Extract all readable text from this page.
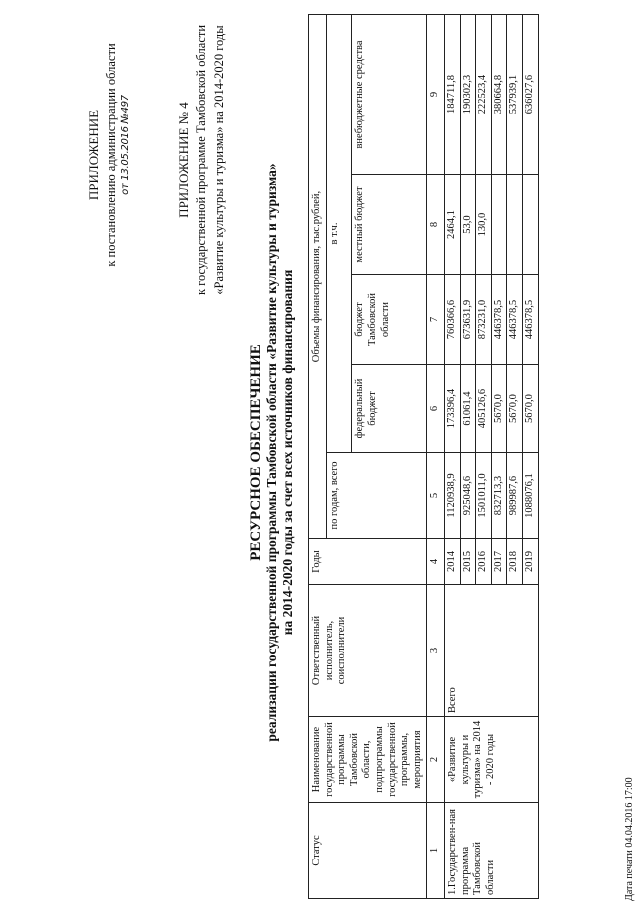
ПРИЛОЖЕНИЕ к постановлению администрации области от 13.05.2016 №497	ПРИЛОЖЕНИЕ № 4 к государственной программе Тамбовской области «Развитие культуры и туризма» на 2014-2020 годы
РЕСУРСНОЕ ОБЕСПЕЧЕНИЕ реализации государственной программы Тамбовской области «Развитие культуры и туризма» на 2014-2020 годы за счет всех источников финансирования
Статус	Наименование государственной программы Тамбовской области, подпрограммы государственной программы, мероприятия	Ответственный исполнитель, соисполнители	Годы	Объемы финансирования, тыс.рублей,				

				по годам, всего	в т.ч.			
					федеральный бюджет	бюджет Тамбовской области	местный бюджет	внебюджетные средства
1	2	3	4	5	6	7	8	9
1.Государствен-ная программа Тамбовской области	«Развитие культуры и туризма» на 2014 - 2020 годы	Всего	2014	1120938,9	173396,4	760366,6	2464,1	184711,8
			2015	925048,6	61061,4	673631,9	53,0	190302,3
			2016	1501011,0	405126,6	873231,0	130,0	222523,4
			2017	832713,3	5670,0	446378,5		380664,8
			2018	989987,6	5670,0	446378,5		537939,1
			2019	1088076,1	5670,0	446378,5		636027,6
Дата печати 04.04.2016 17:00
